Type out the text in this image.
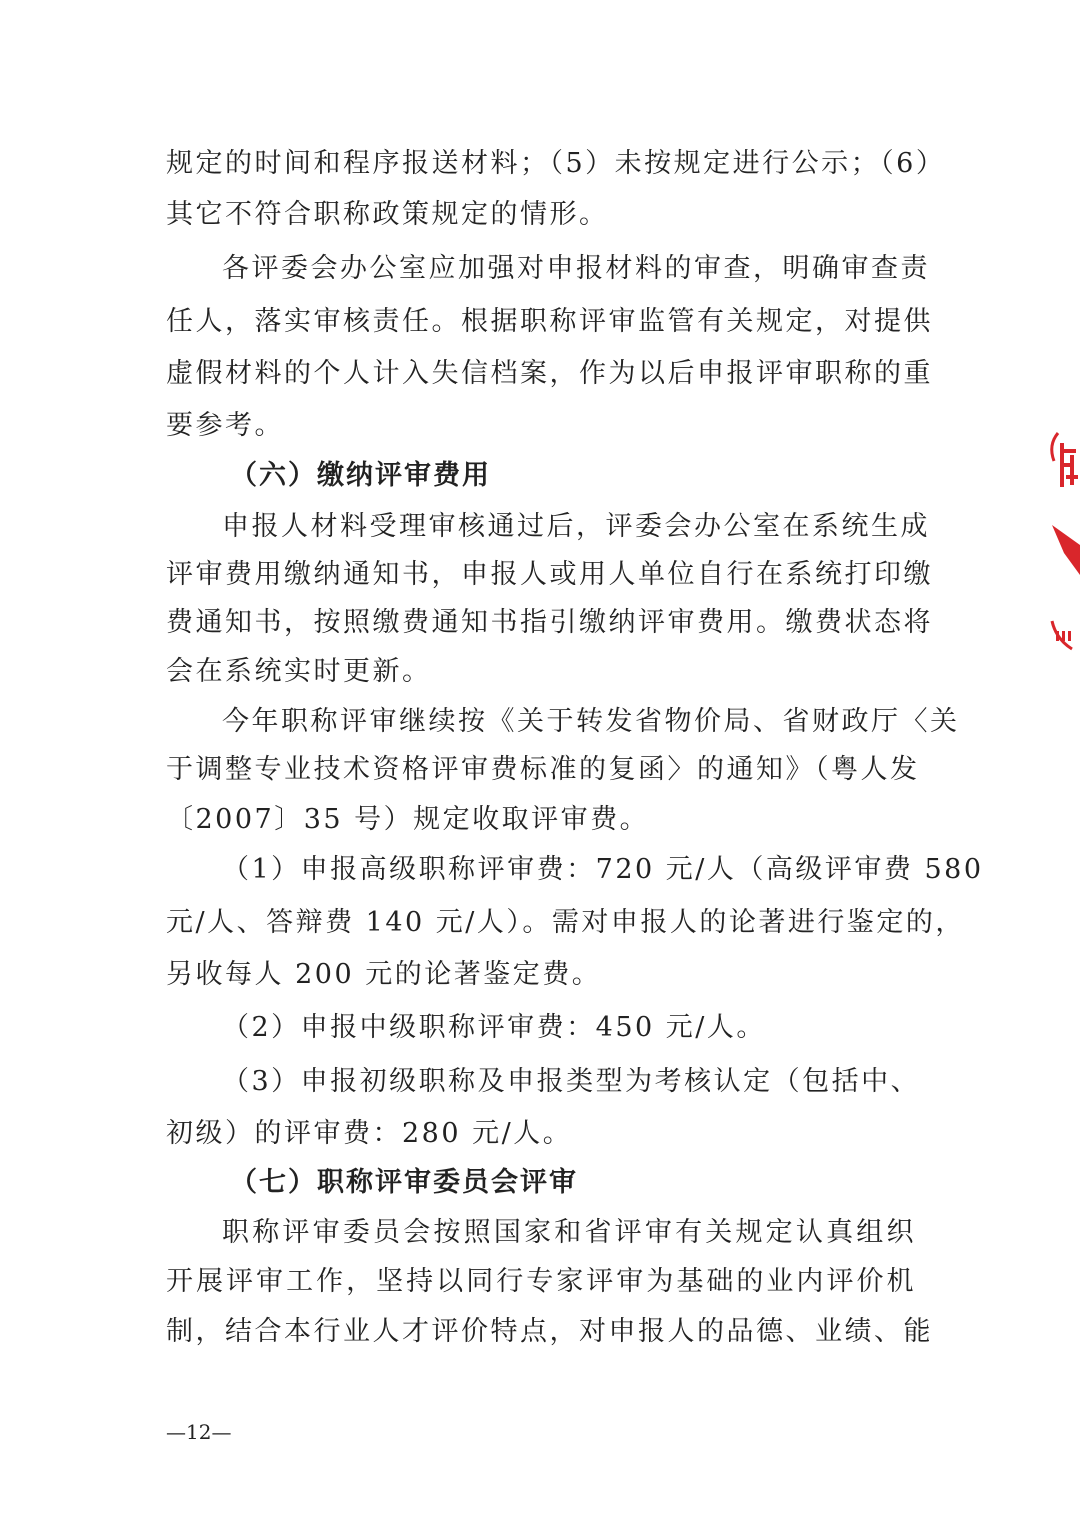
规定的时间和程序报送材料；（5）未按规定进行公示；（6）
其它不符合职称政策规定的情形。
各评委会办公室应加强对申报材料的审查，明确审查责
任人，落实审核责任。根据职称评审监管有关规定，对提供
虚假材料的个人计入失信档案，作为以后申报评审职称的重
要参考。
（六）缴纳评审费用
申报人材料受理审核通过后，评委会办公室在系统生成
评审费用缴纳通知书，申报人或用人单位自行在系统打印缴
费通知书，按照缴费通知书指引缴纳评审费用。缴费状态将
会在系统实时更新。
今年职称评审继续按《关于转发省物价局、省财政厅〈关
于调整专业技术资格评审费标准的复函〉的通知》（粤人发
〔2007〕35 号）规定收取评审费。
（1）申报高级职称评审费：720 元/人（高级评审费 580
元/人、答辩费 140 元/人）。需对申报人的论著进行鉴定的，
另收每人 200 元的论著鉴定费。
（2）申报中级职称评审费：450 元/人。
（3）申报初级职称及申报类型为考核认定（包括中、
初级）的评审费：280 元/人。
（七）职称评审委员会评审
职称评审委员会按照国家和省评审有关规定认真组织
开展评审工作，坚持以同行专家评审为基础的业内评价机
制，结合本行业人才评价特点，对申报人的品德、业绩、能
—12—
